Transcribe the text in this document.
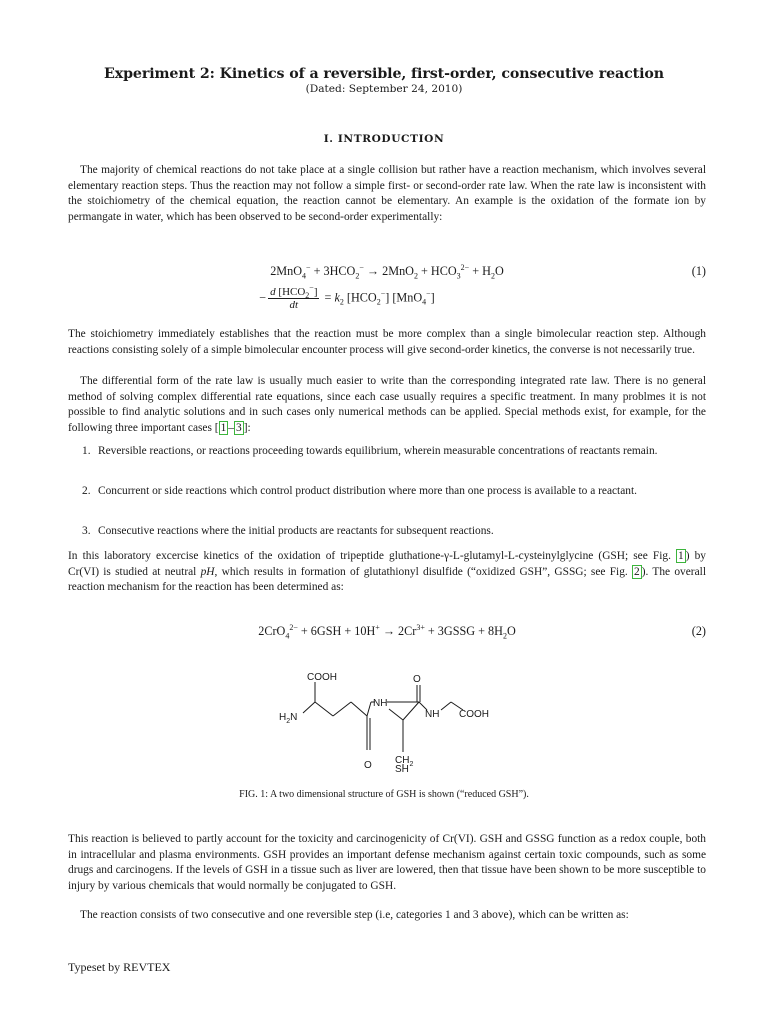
Experiment 2: Kinetics of a reversible, first-order, consecutive reaction
(Dated: September 24, 2010)
I. INTRODUCTION
The majority of chemical reactions do not take place at a single collision but rather have a reaction mechanism, which involves several elementary reaction steps. Thus the reaction may not follow a simple first- or second-order rate law. When the rate law is inconsistent with the stoichiometry of the chemical equation, the reaction cannot be elementary. An example is the oxidation of the formate ion by permangate in water, which has been observed to be second-order experimentally:
$2MnO_4^- + 3HCO_2^- \to 2MnO_2 + HCO_3^{2-} + H_2O$	(1)
− $\frac{d [HCO_2^-]}{dt} = k_2$ $[HCO_2^-]$ [MnO$_4$−]
The stoichiometry immediately establishes that the reaction must be more complex than a single bimolecular reaction step. Although reactions consisting solely of a simple bimolecular encounter process will give second-order kinetics, the converse is not necessarily true.
The differential form of the rate law is usually much easier to write than the corresponding integrated rate law. There is no general method of solving complex differential rate equations, since each case usually requires a specific treatment. In many problmes it is not possible to find analytic solutions and in such cases only numerical methods can be applied. Special methods exist, for example, for the following three important cases [ 1 – 3 ]:
1. Reversible reactions, or reactions proceeding towards equilibrium, wherein measurable concentrations of reactants remain.
2. Concurrent or side reactions which control product distribution where more than one process is available to a reactant.
3. Consecutive reactions where the initial products are reactants for subsequent reactions.
In this laboratory excercise kinetics of the oxidation of tripeptide gluthatione-γ-L-glutamyl-L-cysteinylglycine (GSH; see Fig. 1 ) by Cr(VI) is studied at neutral pH, which results in formation of glutathionyl disulfide (“oxidized GSH”, GSSG; see Fig. 2 ). The overall reaction mechanism for the reaction has been determined as:
$2CrO_4^{2-} + 6GSH + 10H^+ \to 2Cr^{3+}$ + 3GSSG + $8H_2O$	(2)
COOH	O
NH
$H_2N$
O
NH COOH
$CH_2$
SH
FIG. 1: A two dimensional structure of GSH is shown (“reduced GSH”).
This reaction is believed to partly account for the toxicity and carcinogenicity of Cr(VI). GSH and GSSG function as a redox couple, both in intracellular and plasma environments. GSH provides an important defense mechanism against certain toxic compounds, such as some drugs and carcinogens. If the levels of GSH in a tissue such as liver are lowered, then that tissue have been shown to be more susceptible to injury by various chemicals that would normally be conjugated to GSH.
The reaction consists of two consecutive and one reversible step (i.e, categories 1 and 3 above), which can be written as:
Typeset by REVTEX
